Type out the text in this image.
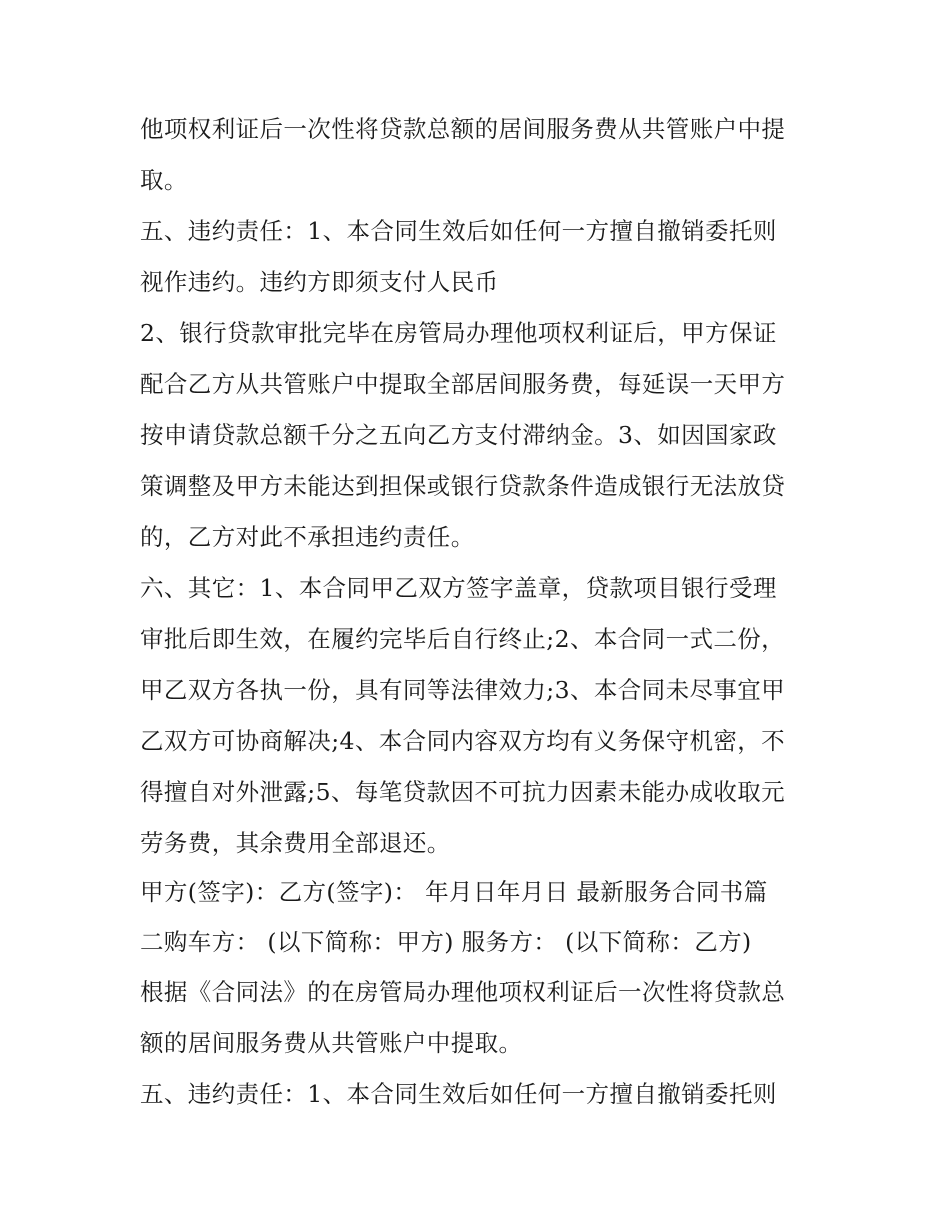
他项权利证后一次性将贷款总额的居间服务费从共管账户中提
取。
五、违约责任：1、本合同生效后如任何一方擅自撤销委托则
视作违约。违约方即须支付人民币
2、银行贷款审批完毕在房管局办理他项权利证后，甲方保证
配合乙方从共管账户中提取全部居间服务费，每延误一天甲方
按申请贷款总额千分之五向乙方支付滞纳金。3、如因国家政
策调整及甲方未能达到担保或银行贷款条件造成银行无法放贷
的，乙方对此不承担违约责任。
六、其它：1、本合同甲乙双方签字盖章，贷款项目银行受理
审批后即生效，在履约完毕后自行终止;2、本合同一式二份，
甲乙双方各执一份，具有同等法律效力;3、本合同未尽事宜甲
乙双方可协商解决;4、本合同内容双方均有义务保守机密，不
得擅自对外泄露;5、每笔贷款因不可抗力因素未能办成收取元
劳务费，其余费用全部退还。
甲方(签字)：乙方(签字)： 年月日年月日 最新服务合同书篇
二购车方： (以下简称：甲方) 服务方： (以下简称：乙方)
根据《合同法》的在房管局办理他项权利证后一次性将贷款总
额的居间服务费从共管账户中提取。
五、违约责任：1、本合同生效后如任何一方擅自撤销委托则
